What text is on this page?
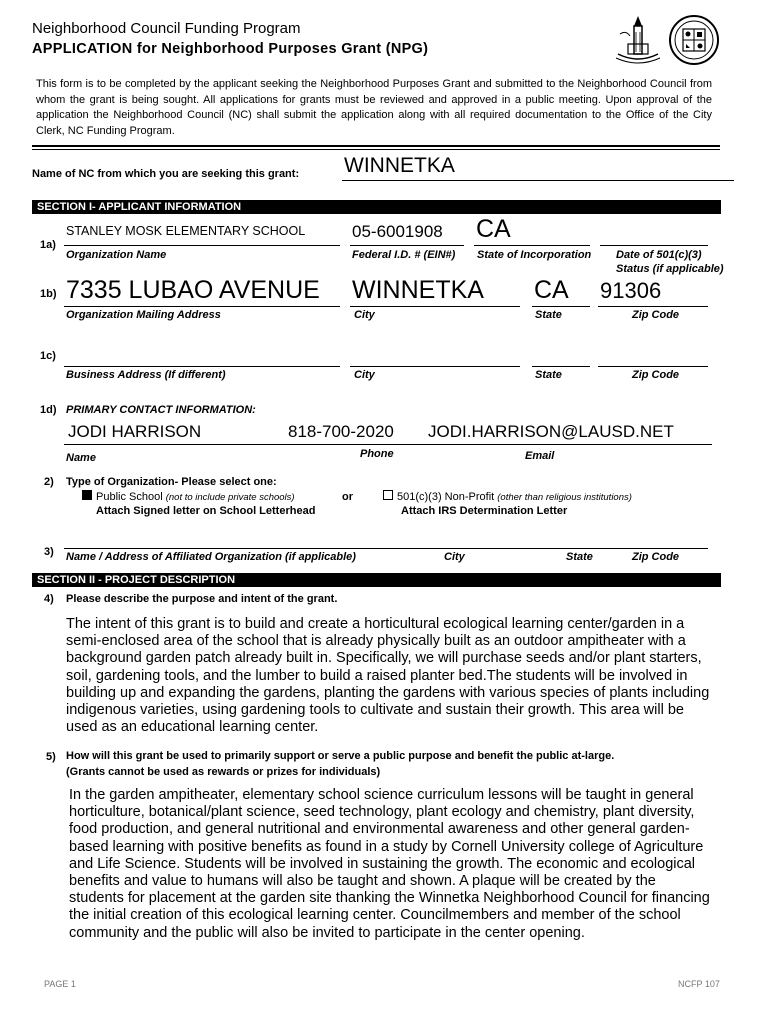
Neighborhood Council Funding Program
APPLICATION for Neighborhood Purposes Grant (NPG)
This form is to be completed by the applicant seeking the Neighborhood Purposes Grant and submitted to the Neighborhood Council from whom the grant is being sought. All applications for grants must be reviewed and approved in a public meeting. Upon approval of the application the Neighborhood Council (NC) shall submit the application along with all required documentation to the Office of the City Clerk, NC Funding Program.
Name of NC from which you are seeking this grant: WINNETKA
SECTION I- APPLICANT INFORMATION
1a)
STANLEY MOSK ELEMENTARY SCHOOL
Organization Name
05-6001908
Federal I.D. # (EIN#)
CA
State of Incorporation Date of 501(c)(3)
Status (if applicable)
1b) 7335 LUBAO AVENUE
Organization Mailing Address
WINNETKA
City
CA
State
91306
Zip Code
1c)
Business Address (If different)	City	State	Zip Code
1d) PRIMARY CONTACT INFORMATION:
JODI HARRISON	818-700-2020 JODI.HARRISON@LAUSD.NET
Name	Phone	Email
2) Type of Organization- Please select one:
Public School (not to include private schools)
Attach Signed letter on School Letterhead
or	501(c)(3) Non-Profit (other than religious institutions)
Attach IRS Determination Letter
3) Name / Address of Affiliated Organization (if applicable)	City	State	Zip Code
SECTION II - PROJECT DESCRIPTION
4) Please describe the purpose and intent of the grant.
The intent of this grant is to build and create a horticultural ecological learning center/garden in a semi-enclosed area of the school that is already physically built as an outdoor ampitheater with a background garden patch already built in. Specifically, we will purchase seeds and/or plant starters, soil, gardening tools, and the lumber to build a raised planter bed.The students will be involved in building up and expanding the gardens, planting the gardens with various species of plants including indigenous varieties, using gardening tools to cultivate and sustain their growth. This area will be used as an educational learning center.
5) How will this grant be used to primarily support or serve a public purpose and benefit the public at-large.
(Grants cannot be used as rewards or prizes for individuals)
In the garden ampitheater, elementary school science curriculum lessons will be taught in general horticulture, botanical/plant science, seed technology, plant ecology and chemistry, plant diversity, food production, and general nutritional and environmental awareness and other general garden-based learning with positive benefits as found in a study by Cornell University college of Agriculture and Life Science. Students will be involved in sustaining the growth. The economic and ecological benefits and value to humans will also be taught and shown. A plaque will be created by the students for placement at the garden site thanking the Winnetka Neighborhood Council for financing the initial creation of this ecological learning center. Councilmembers and member of the school community and the public will also be invited to participate in the center opening.
PAGE 1	NCFP 107
